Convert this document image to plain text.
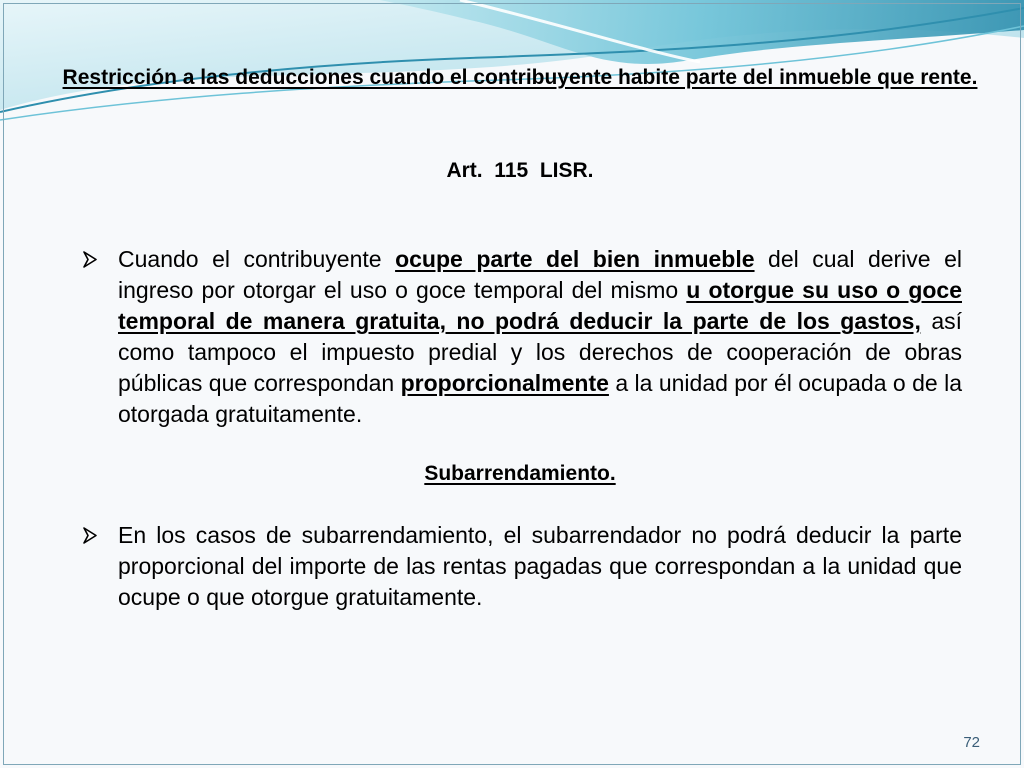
Restricción a las deducciones cuando el contribuyente habite parte del inmueble que rente.
Art.  115  LISR.
Cuando el contribuyente ocupe parte del bien inmueble del cual derive el ingreso por otorgar el uso o goce temporal del mismo u otorgue su uso o goce temporal de manera gratuita, no podrá deducir la parte de los gastos, así como tampoco el impuesto predial y los derechos de cooperación de obras públicas que correspondan proporcionalmente a la unidad por él ocupada o de la otorgada gratuitamente.
Subarrendamiento.
En los casos de subarrendamiento, el subarrendador no podrá deducir la parte proporcional del importe de las rentas pagadas que correspondan a la unidad que ocupe o que otorgue gratuitamente.
72
